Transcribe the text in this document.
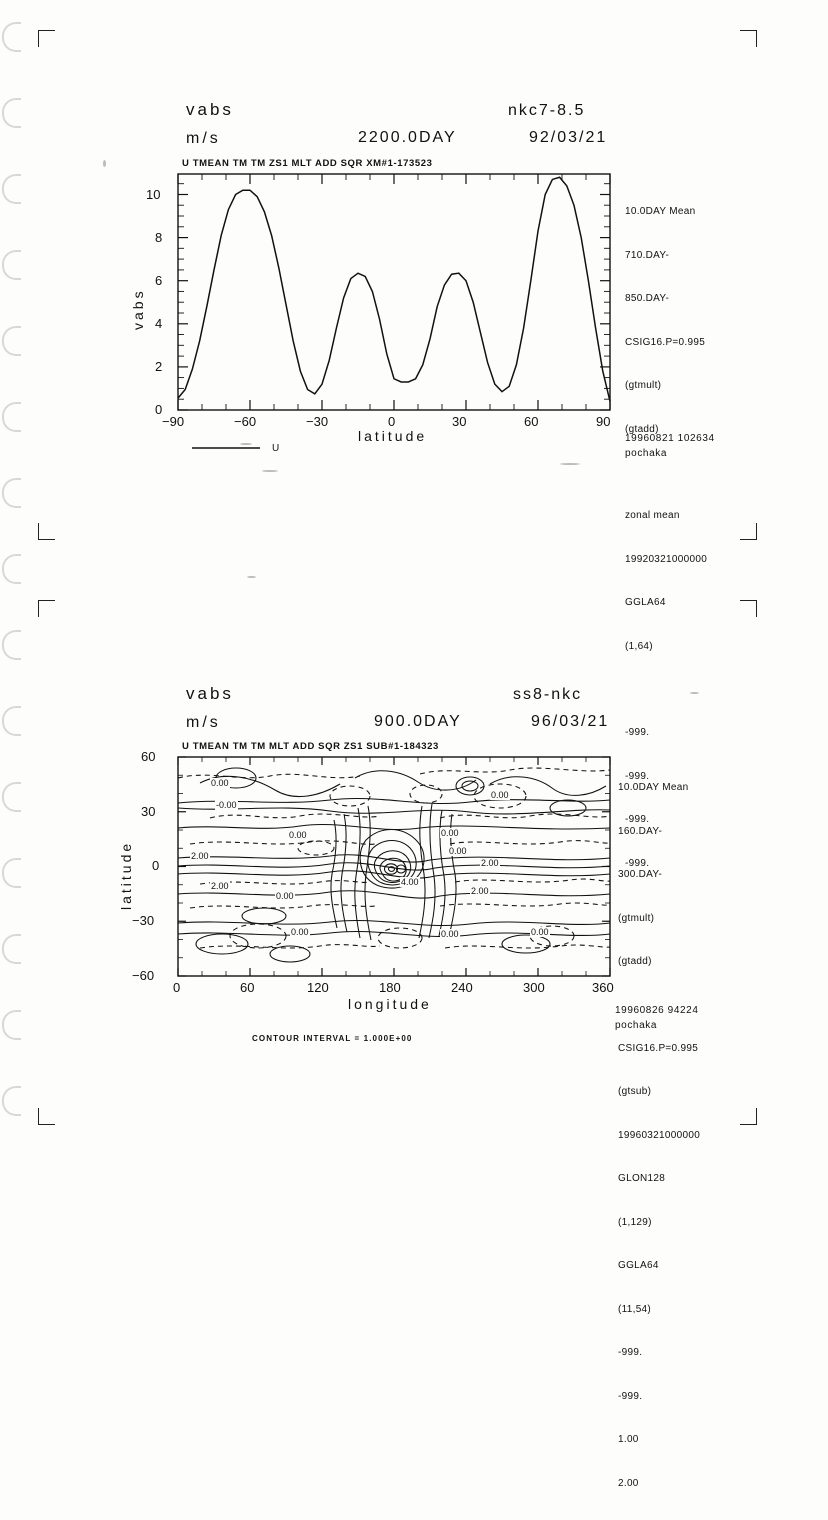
vabs	nkc7-8.5
m/s	2200.0DAY	92/03/21
U TMEAN TM TM ZS1 MLT ADD SQR XM#1-173523

10.0DAY Mean

710.DAY-

850.DAY-

CSIG16.P=0.995

(gtmult)

(gtadd)

zonal mean

19920321000000

GGLA64

(1,64)

-999.

-999.

-999.

-999.

19960821 102634
pochaka
−90	−60	−30	0	30	60	90
0
2
4
6
8
10
latitude
vabs
U
vabs	ss8-nkc
m/s	900.0DAY	96/03/21
U TMEAN TM TM MLT ADD SQR ZS1 SUB#1-184323

10.0DAY Mean

160.DAY-

300.DAY-

(gtmult)

(gtadd)

CSIG16.P=0.995

(gtsub)

19960321000000

GLON128

(1,129)

GGLA64

(11,54)

-999.

-999.

1.00

2.00

19960826 94224
pochaka
0	60	120	180	240	300	360
60
30
0
−30
−60
longitude
latitude
CONTOUR INTERVAL = 1.000E+00
0.00
0.00
-0.00
0.00	0.00
0.00
2.00
2.00
2.00	4.00
0.00	2.00
0.00	0.00	0.00
